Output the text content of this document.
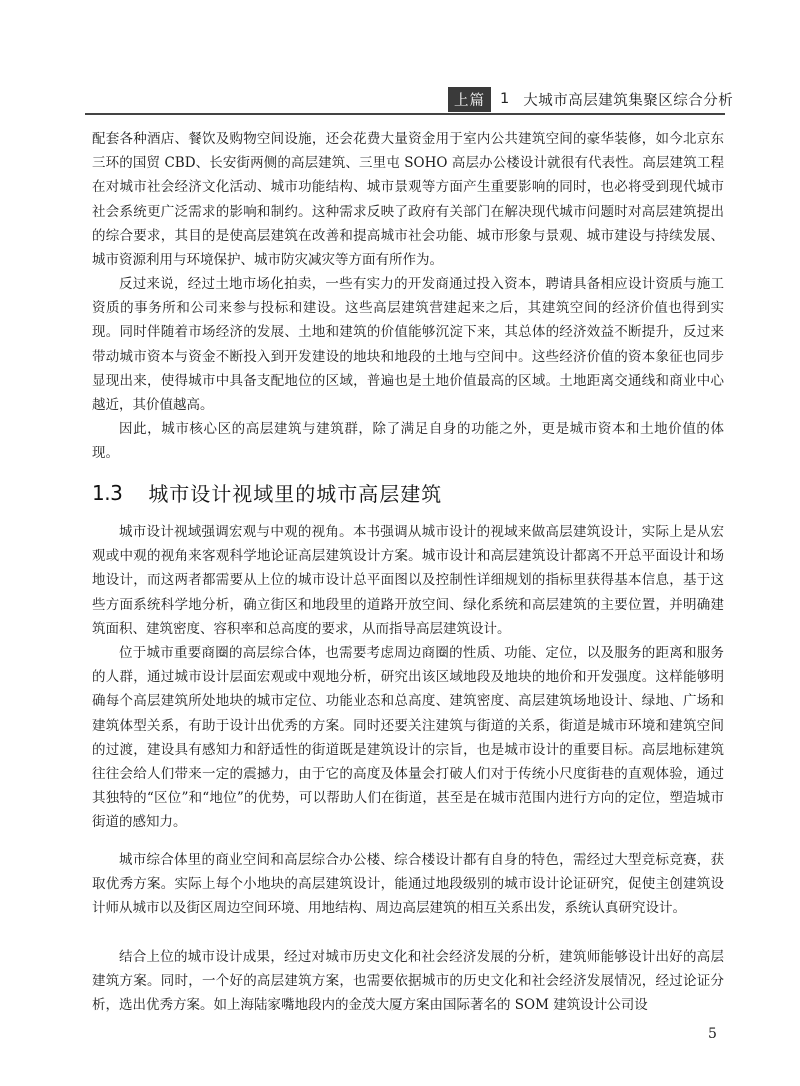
上篇	1 大城市高层建筑集聚区综合分析

配套各种酒店、餐饮及购物空间设施，还会花费大量资金用于室内公共建筑空间的豪华装修，如今北京东三环的国贸 CBD、长安街两侧的高层建筑、三里屯 SOHO 高层办公楼设计就很有代表性。高层建筑工程在对城市社会经济文化活动、城市功能结构、城市景观等方面产生重要影响的同时，也必将受到现代城市社会系统更广泛需求的影响和制约。这种需求反映了政府有关部门在解决现代城市问题时对高层建筑提出的综合要求，其目的是使高层建筑在改善和提高城市社会功能、城市形象与景观、城市建设与持续发展、城市资源利用与环境保护、城市防灾减灾等方面有所作为。

反过来说，经过土地市场化拍卖，一些有实力的开发商通过投入资本，聘请具备相应设计资质与施工资质的事务所和公司来参与投标和建设。这些高层建筑营建起来之后，其建筑空间的经济价值也得到实现。同时伴随着市场经济的发展、土地和建筑的价值能够沉淀下来，其总体的经济效益不断提升，反过来带动城市资本与资金不断投入到开发建设的地块和地段的土地与空间中。这些经济价值的资本象征也同步显现出来，使得城市中具备支配地位的区域，普遍也是土地价值最高的区域。土地距离交通线和商业中心越近，其价值越高。

因此，城市核心区的高层建筑与建筑群，除了满足自身的功能之外，更是城市资本和土地价值的体现。

1.3 城市设计视域里的城市高层建筑

城市设计视域强调宏观与中观的视角。本书强调从城市设计的视域来做高层建筑设计，实际上是从宏观或中观的视角来客观科学地论证高层建筑设计方案。城市设计和高层建筑设计都离不开总平面设计和场地设计，而这两者都需要从上位的城市设计总平面图以及控制性详细规划的指标里获得基本信息，基于这些方面系统科学地分析，确立街区和地段里的道路开放空间、绿化系统和高层建筑的主要位置，并明确建筑面积、建筑密度、容积率和总高度的要求，从而指导高层建筑设计。

位于城市重要商圈的高层综合体，也需要考虑周边商圈的性质、功能、定位，以及服务的距离和服务的人群，通过城市设计层面宏观或中观地分析，研究出该区域地段及地块的地价和开发强度。这样能够明确每个高层建筑所处地块的城市定位、功能业态和总高度、建筑密度、高层建筑场地设计、绿地、广场和建筑体型关系，有助于设计出优秀的方案。同时还要关注建筑与街道的关系，街道是城市环境和建筑空间的过渡，建设具有感知力和舒适性的街道既是建筑设计的宗旨，也是城市设计的重要目标。高层地标建筑往往会给人们带来一定的震撼力，由于它的高度及体量会打破人们对于传统小尺度街巷的直观体验，通过其独特的“区位”和“地位”的优势，可以帮助人们在街道，甚至是在城市范围内进行方向的定位，塑造城市街道的感知力。

城市综合体里的商业空间和高层综合办公楼、综合楼设计都有自身的特色，需经过大型竞标竞赛，获取优秀方案。实际上每个小地块的高层建筑设计，能通过地段级别的城市设计论证研究，促使主创建筑设计师从城市以及街区周边空间环境、用地结构、周边高层建筑的相互关系出发，系统认真研究设计。

结合上位的城市设计成果，经过对城市历史文化和社会经济发展的分析，建筑师能够设计出好的高层建筑方案。同时，一个好的高层建筑方案，也需要依据城市的历史文化和社会经济发展情况，经过论证分析，选出优秀方案。如上海陆家嘴地段内的金茂大厦方案由国际著名的 SOM 建筑设计公司设

5
